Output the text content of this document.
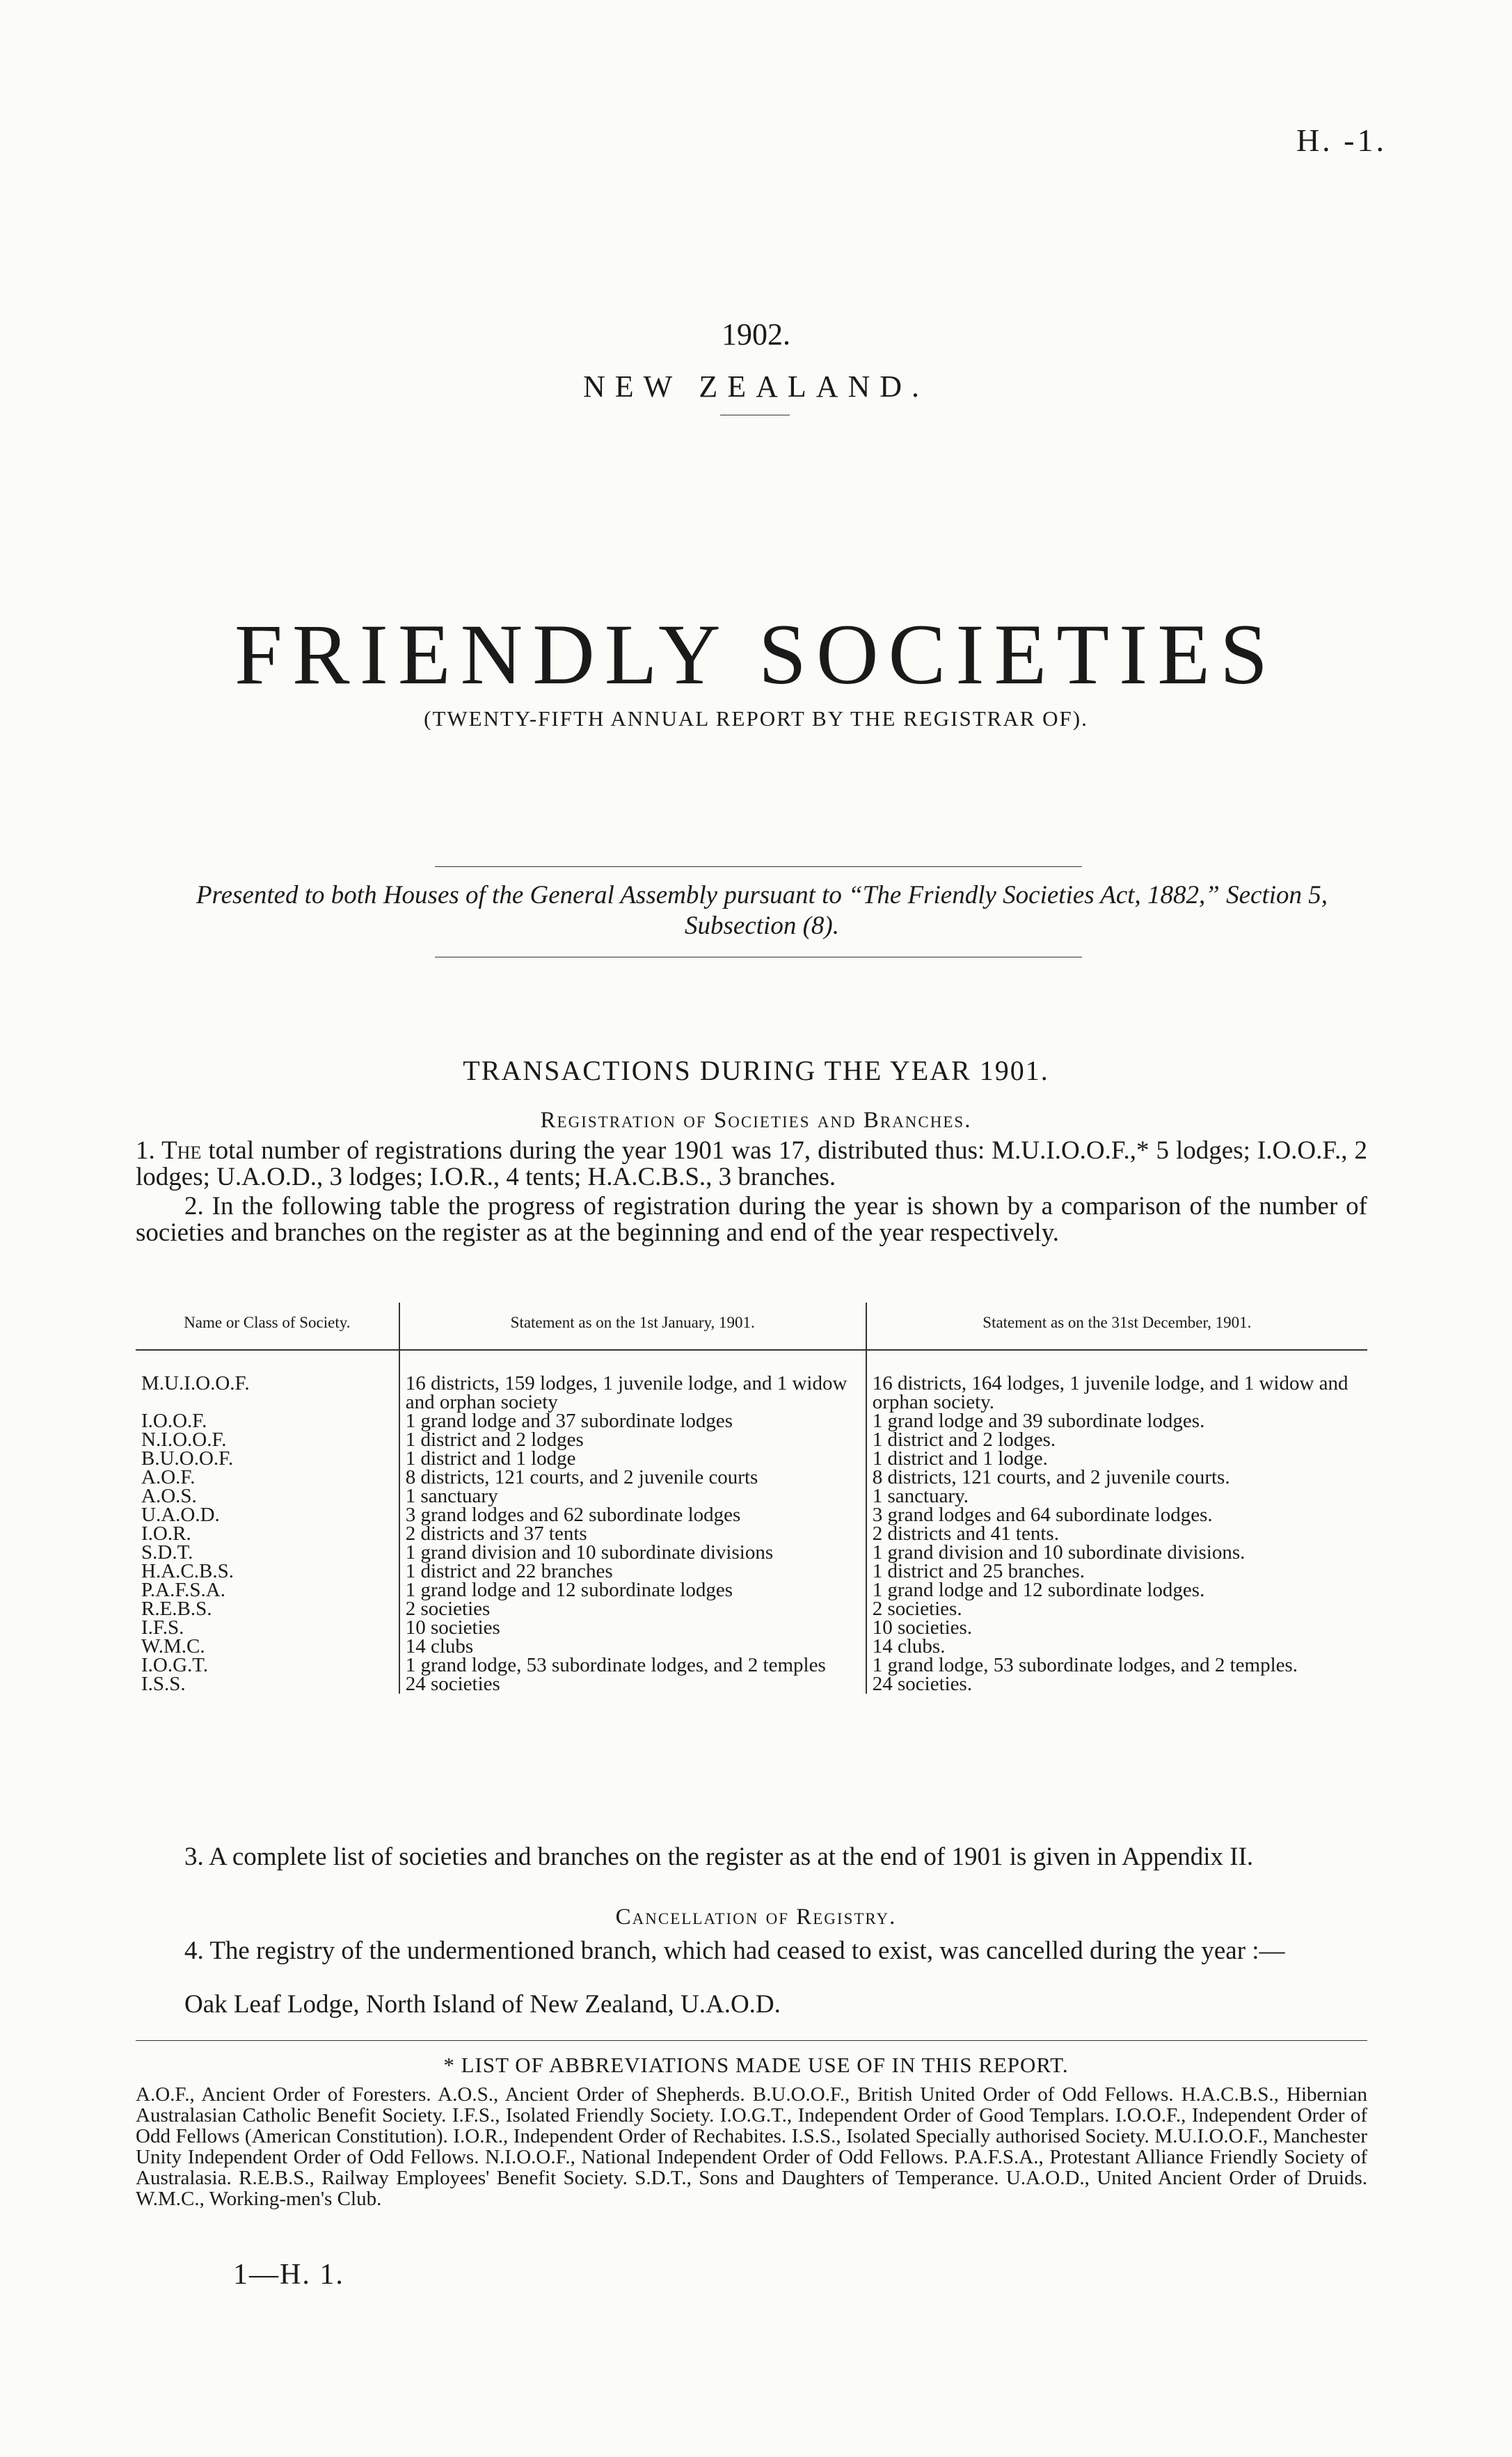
H. -1.
1902.
NEW ZEALAND.
FRIENDLY SOCIETIES
(TWENTY-FIFTH ANNUAL REPORT BY THE REGISTRAR OF).
Presented to both Houses of the General Assembly pursuant to “The Friendly Societies Act, 1882,” Section 5, Subsection (8).
TRANSACTIONS DURING THE YEAR 1901.
Registration of Societies and Branches.
1. The total number of registrations during the year 1901 was 17, distributed thus: M.U.I.O.O.F.,* 5 lodges; I.O.O.F., 2 lodges; U.A.O.D., 3 lodges; I.O.R., 4 tents; H.A.C.B.S., 3 branches.
2. In the following table the progress of registration during the year is shown by a comparison of the number of societies and branches on the register as at the beginning and end of the year respectively.
Name or Class of Society.	Statement as on the 1st January, 1901.	Statement as on the 31st December, 1901.
M.U.I.O.O.F.	16 districts, 159 lodges, 1 juvenile lodge, and 1 widow and orphan society	16 districts, 164 lodges, 1 juvenile lodge, and 1 widow and orphan society.
I.O.O.F.	1 grand lodge and 37 subordinate lodges	1 grand lodge and 39 subordinate lodges.
N.I.O.O.F.	1 district and 2 lodges	1 district and 2 lodges.
B.U.O.O.F.	1 district and 1 lodge	1 district and 1 lodge.
A.O.F.	8 districts, 121 courts, and 2 juvenile courts	8 districts, 121 courts, and 2 juvenile courts.
A.O.S.	1 sanctuary	1 sanctuary.
U.A.O.D.	3 grand lodges and 62 subordinate lodges	3 grand lodges and 64 subordinate lodges.
I.O.R.	2 districts and 37 tents	2 districts and 41 tents.
S.D.T.	1 grand division and 10 subordinate divisions	1 grand division and 10 subordinate divisions.
H.A.C.B.S.	1 district and 22 branches	1 district and 25 branches.
P.A.F.S.A.	1 grand lodge and 12 subordinate lodges	1 grand lodge and 12 subordinate lodges.
R.E.B.S.	2 societies	2 societies.
I.F.S.	10 societies	10 societies.
W.M.C.	14 clubs	14 clubs.
I.O.G.T.	1 grand lodge, 53 subordinate lodges, and 2 temples	1 grand lodge, 53 subordinate lodges, and 2 temples.
I.S.S.	24 societies	24 societies.
3. A complete list of societies and branches on the register as at the end of 1901 is given in Appendix II.
Cancellation of Registry.
4. The registry of the undermentioned branch, which had ceased to exist, was cancelled during the year :—
Oak Leaf Lodge, North Island of New Zealand, U.A.O.D.
* LIST OF ABBREVIATIONS MADE USE OF IN THIS REPORT.
A.O.F., Ancient Order of Foresters. A.O.S., Ancient Order of Shepherds. B.U.O.O.F., British United Order of Odd Fellows. H.A.C.B.S., Hibernian Australasian Catholic Benefit Society. I.F.S., Isolated Friendly Society. I.O.G.T., Independent Order of Good Templars. I.O.O.F., Independent Order of Odd Fellows (American Constitution). I.O.R., Independent Order of Rechabites. I.S.S., Isolated Specially authorised Society. M.U.I.O.O.F., Manchester Unity Independent Order of Odd Fellows. N.I.O.O.F., National Independent Order of Odd Fellows. P.A.F.S.A., Protestant Alliance Friendly Society of Australasia. R.E.B.S., Railway Employees' Benefit Society. S.D.T., Sons and Daughters of Temperance. U.A.O.D., United Ancient Order of Druids. W.M.C., Working-men's Club.
1—H. 1.
